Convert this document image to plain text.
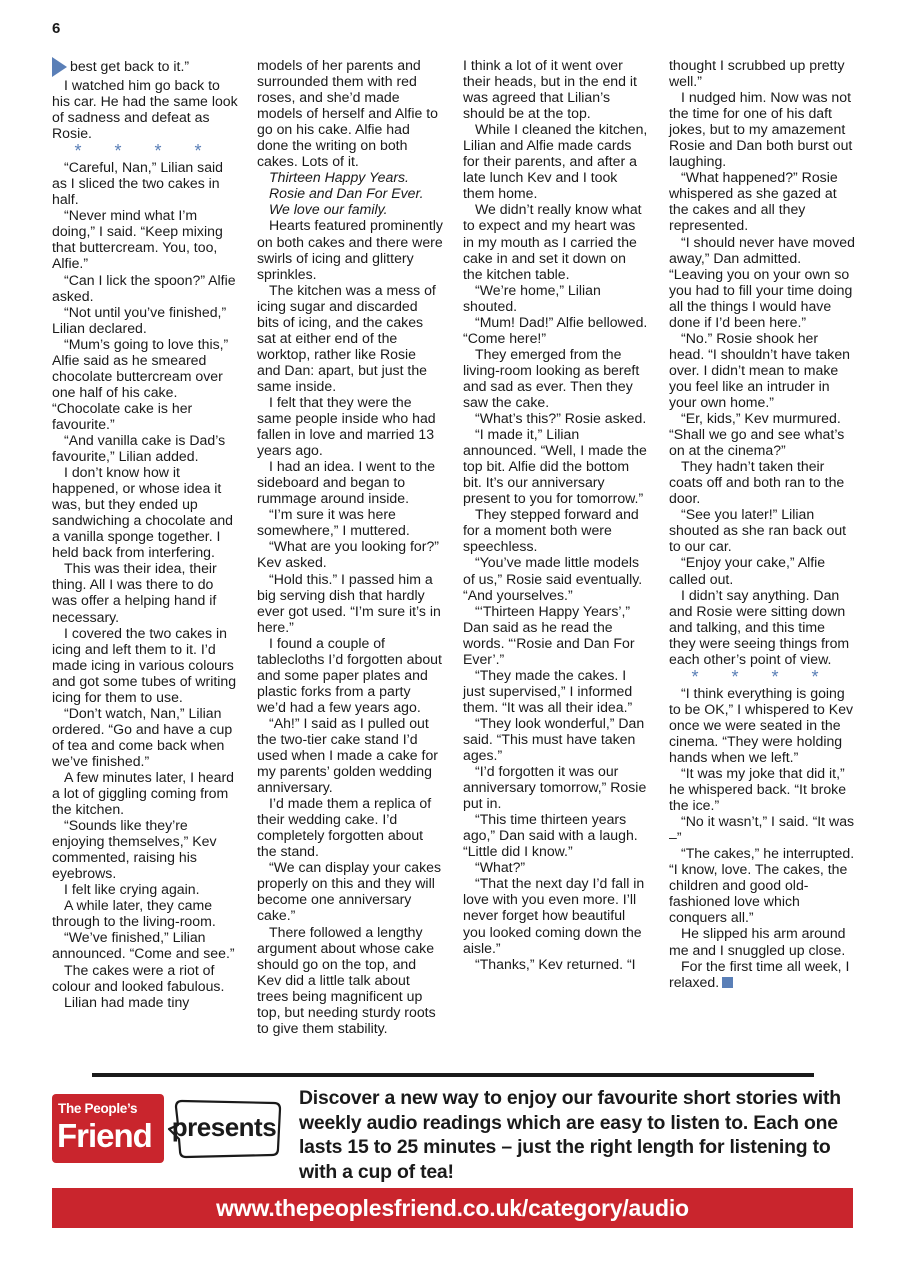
6

best get back to it.”

I watched him go back to his car. He had the same look of sadness and defeat as Rosie.

* * * *

“Careful, Nan,” Lilian said as I sliced the two cakes in half.

“Never mind what I’m doing,” I said. “Keep mixing that buttercream. You, too, Alfie.”

“Can I lick the spoon?” Alfie asked.

“Not until you’ve finished,” Lilian declared.

“Mum’s going to love this,” Alfie said as he smeared chocolate buttercream over one half of his cake. “Chocolate cake is her favourite.”

“And vanilla cake is Dad’s favourite,” Lilian added.

I don’t know how it happened, or whose idea it was, but they ended up sandwiching a chocolate and a vanilla sponge together. I held back from interfering.

This was their idea, their thing. All I was there to do was offer a helping hand if necessary.

I covered the two cakes in icing and left them to it. I’d made icing in various colours and got some tubes of writing icing for them to use.

“Don’t watch, Nan,” Lilian ordered. “Go and have a cup of tea and come back when we’ve finished.”

A few minutes later, I heard a lot of giggling coming from the kitchen.

“Sounds like they’re enjoying themselves,” Kev commented, raising his eyebrows.

I felt like crying again.

A while later, they came through to the living-room.

“We’ve finished,” Lilian announced. “Come and see.”

The cakes were a riot of colour and looked fabulous.

Lilian had made tiny

models of her parents and surrounded them with red roses, and she’d made models of herself and Alfie to go on his cake. Alfie had done the writing on both cakes. Lots of it.

Thirteen Happy Years.

Rosie and Dan For Ever.

We love our family.

Hearts featured prominently on both cakes and there were swirls of icing and glittery sprinkles.

The kitchen was a mess of icing sugar and discarded bits of icing, and the cakes sat at either end of the worktop, rather like Rosie and Dan: apart, but just the same inside.

I felt that they were the same people inside who had fallen in love and married 13 years ago.

I had an idea. I went to the sideboard and began to rummage around inside.

“I’m sure it was here somewhere,” I muttered.

“What are you looking for?” Kev asked.

“Hold this.” I passed him a big serving dish that hardly ever got used. “I’m sure it’s in here.”

I found a couple of tablecloths I’d forgotten about and some paper plates and plastic forks from a party we’d had a few years ago.

“Ah!” I said as I pulled out the two-tier cake stand I’d used when I made a cake for my parents’ golden wedding anniversary.

I’d made them a replica of their wedding cake. I’d completely forgotten about the stand.

“We can display your cakes properly on this and they will become one anniversary cake.”

There followed a lengthy argument about whose cake should go on the top, and Kev did a little talk about trees being magnificent up top, but needing sturdy roots to give them stability.

I think a lot of it went over their heads, but in the end it was agreed that Lilian’s should be at the top.

While I cleaned the kitchen, Lilian and Alfie made cards for their parents, and after a late lunch Kev and I took them home.

We didn’t really know what to expect and my heart was in my mouth as I carried the cake in and set it down on the kitchen table.

“We’re home,” Lilian shouted.

“Mum! Dad!” Alfie bellowed. “Come here!”

They emerged from the living-room looking as bereft and sad as ever. Then they saw the cake.

“What’s this?” Rosie asked.

“I made it,” Lilian announced. “Well, I made the top bit. Alfie did the bottom bit. It’s our anniversary present to you for tomorrow.”

They stepped forward and for a moment both were speechless.

“You’ve made little models of us,” Rosie said eventually. “And yourselves.”

“‘Thirteen Happy Years’,” Dan said as he read the words. “‘Rosie and Dan For Ever’.”

“They made the cakes. I just supervised,” I informed them. “It was all their idea.”

“They look wonderful,” Dan said. “This must have taken ages.”

“I’d forgotten it was our anniversary tomorrow,” Rosie put in.

“This time thirteen years ago,” Dan said with a laugh. “Little did I know.”

“What?”

“That the next day I’d fall in love with you even more. I’ll never forget how beautiful you looked coming down the aisle.”

“Thanks,” Kev returned. “I

thought I scrubbed up pretty well.”

I nudged him. Now was not the time for one of his daft jokes, but to my amazement Rosie and Dan both burst out laughing.

“What happened?” Rosie whispered as she gazed at the cakes and all they represented.

“I should never have moved away,” Dan admitted. “Leaving you on your own so you had to fill your time doing all the things I would have done if I’d been here.”

“No.” Rosie shook her head. “I shouldn’t have taken over. I didn’t mean to make you feel like an intruder in your own home.”

“Er, kids,” Kev murmured. “Shall we go and see what’s on at the cinema?”

They hadn’t taken their coats off and both ran to the door.

“See you later!” Lilian shouted as she ran back out to our car.

“Enjoy your cake,” Alfie called out.

I didn’t say anything. Dan and Rosie were sitting down and talking, and this time they were seeing things from each other’s point of view.

* * * *

“I think everything is going to be OK,” I whispered to Kev once we were seated in the cinema. “They were holding hands when we left.”

“It was my joke that did it,” he whispered back. “It broke the ice.”

“No it wasn’t,” I said. “It was –”

“The cakes,” he interrupted. “I know, love. The cakes, the children and good old-fashioned love which conquers all.”

He slipped his arm around me and I snuggled up close.

For the first time all week, I relaxed.

The People’s
Friend presents
Discover a new way to enjoy our favourite short stories with weekly audio readings which are easy to listen to. Each one lasts 15 to 25 minutes – just the right length for listening to with a cup of tea!
www.thepeoplesfriend.co.uk/category/audio
